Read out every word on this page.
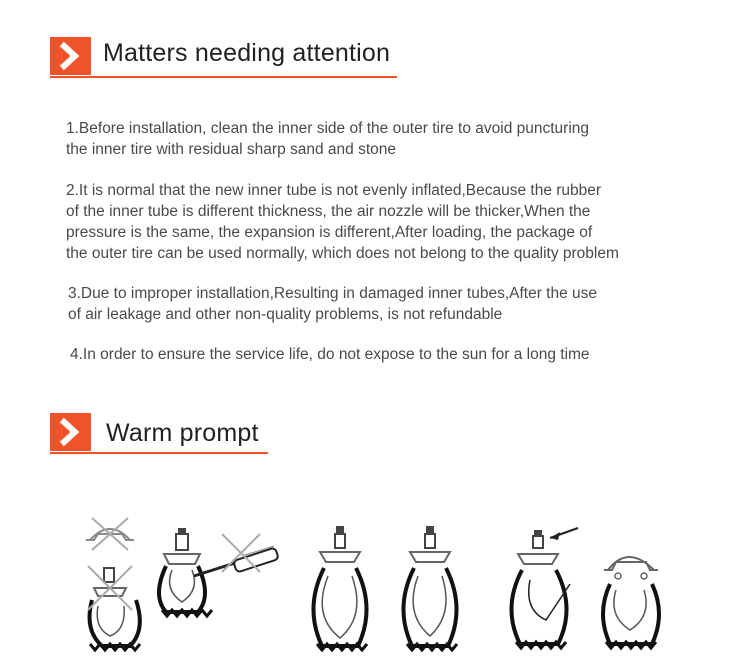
Matters needing attention
1.Before installation, clean the inner side of the outer tire to avoid puncturing
the inner tire with residual sharp sand and stone
2.It is normal that the new inner tube is not evenly inflated,Because the rubber
of the inner tube is different thickness, the air nozzle will be thicker,When the
pressure is the same, the expansion is different,After loading, the package of
the outer tire can be used normally, which does not belong to the quality problem
3.Due to improper installation,Resulting in damaged inner tubes,After the use
of air leakage and other non-quality problems, is not refundable
4.In order to ensure the service life, do not expose to the sun for a long time
Warm prompt
